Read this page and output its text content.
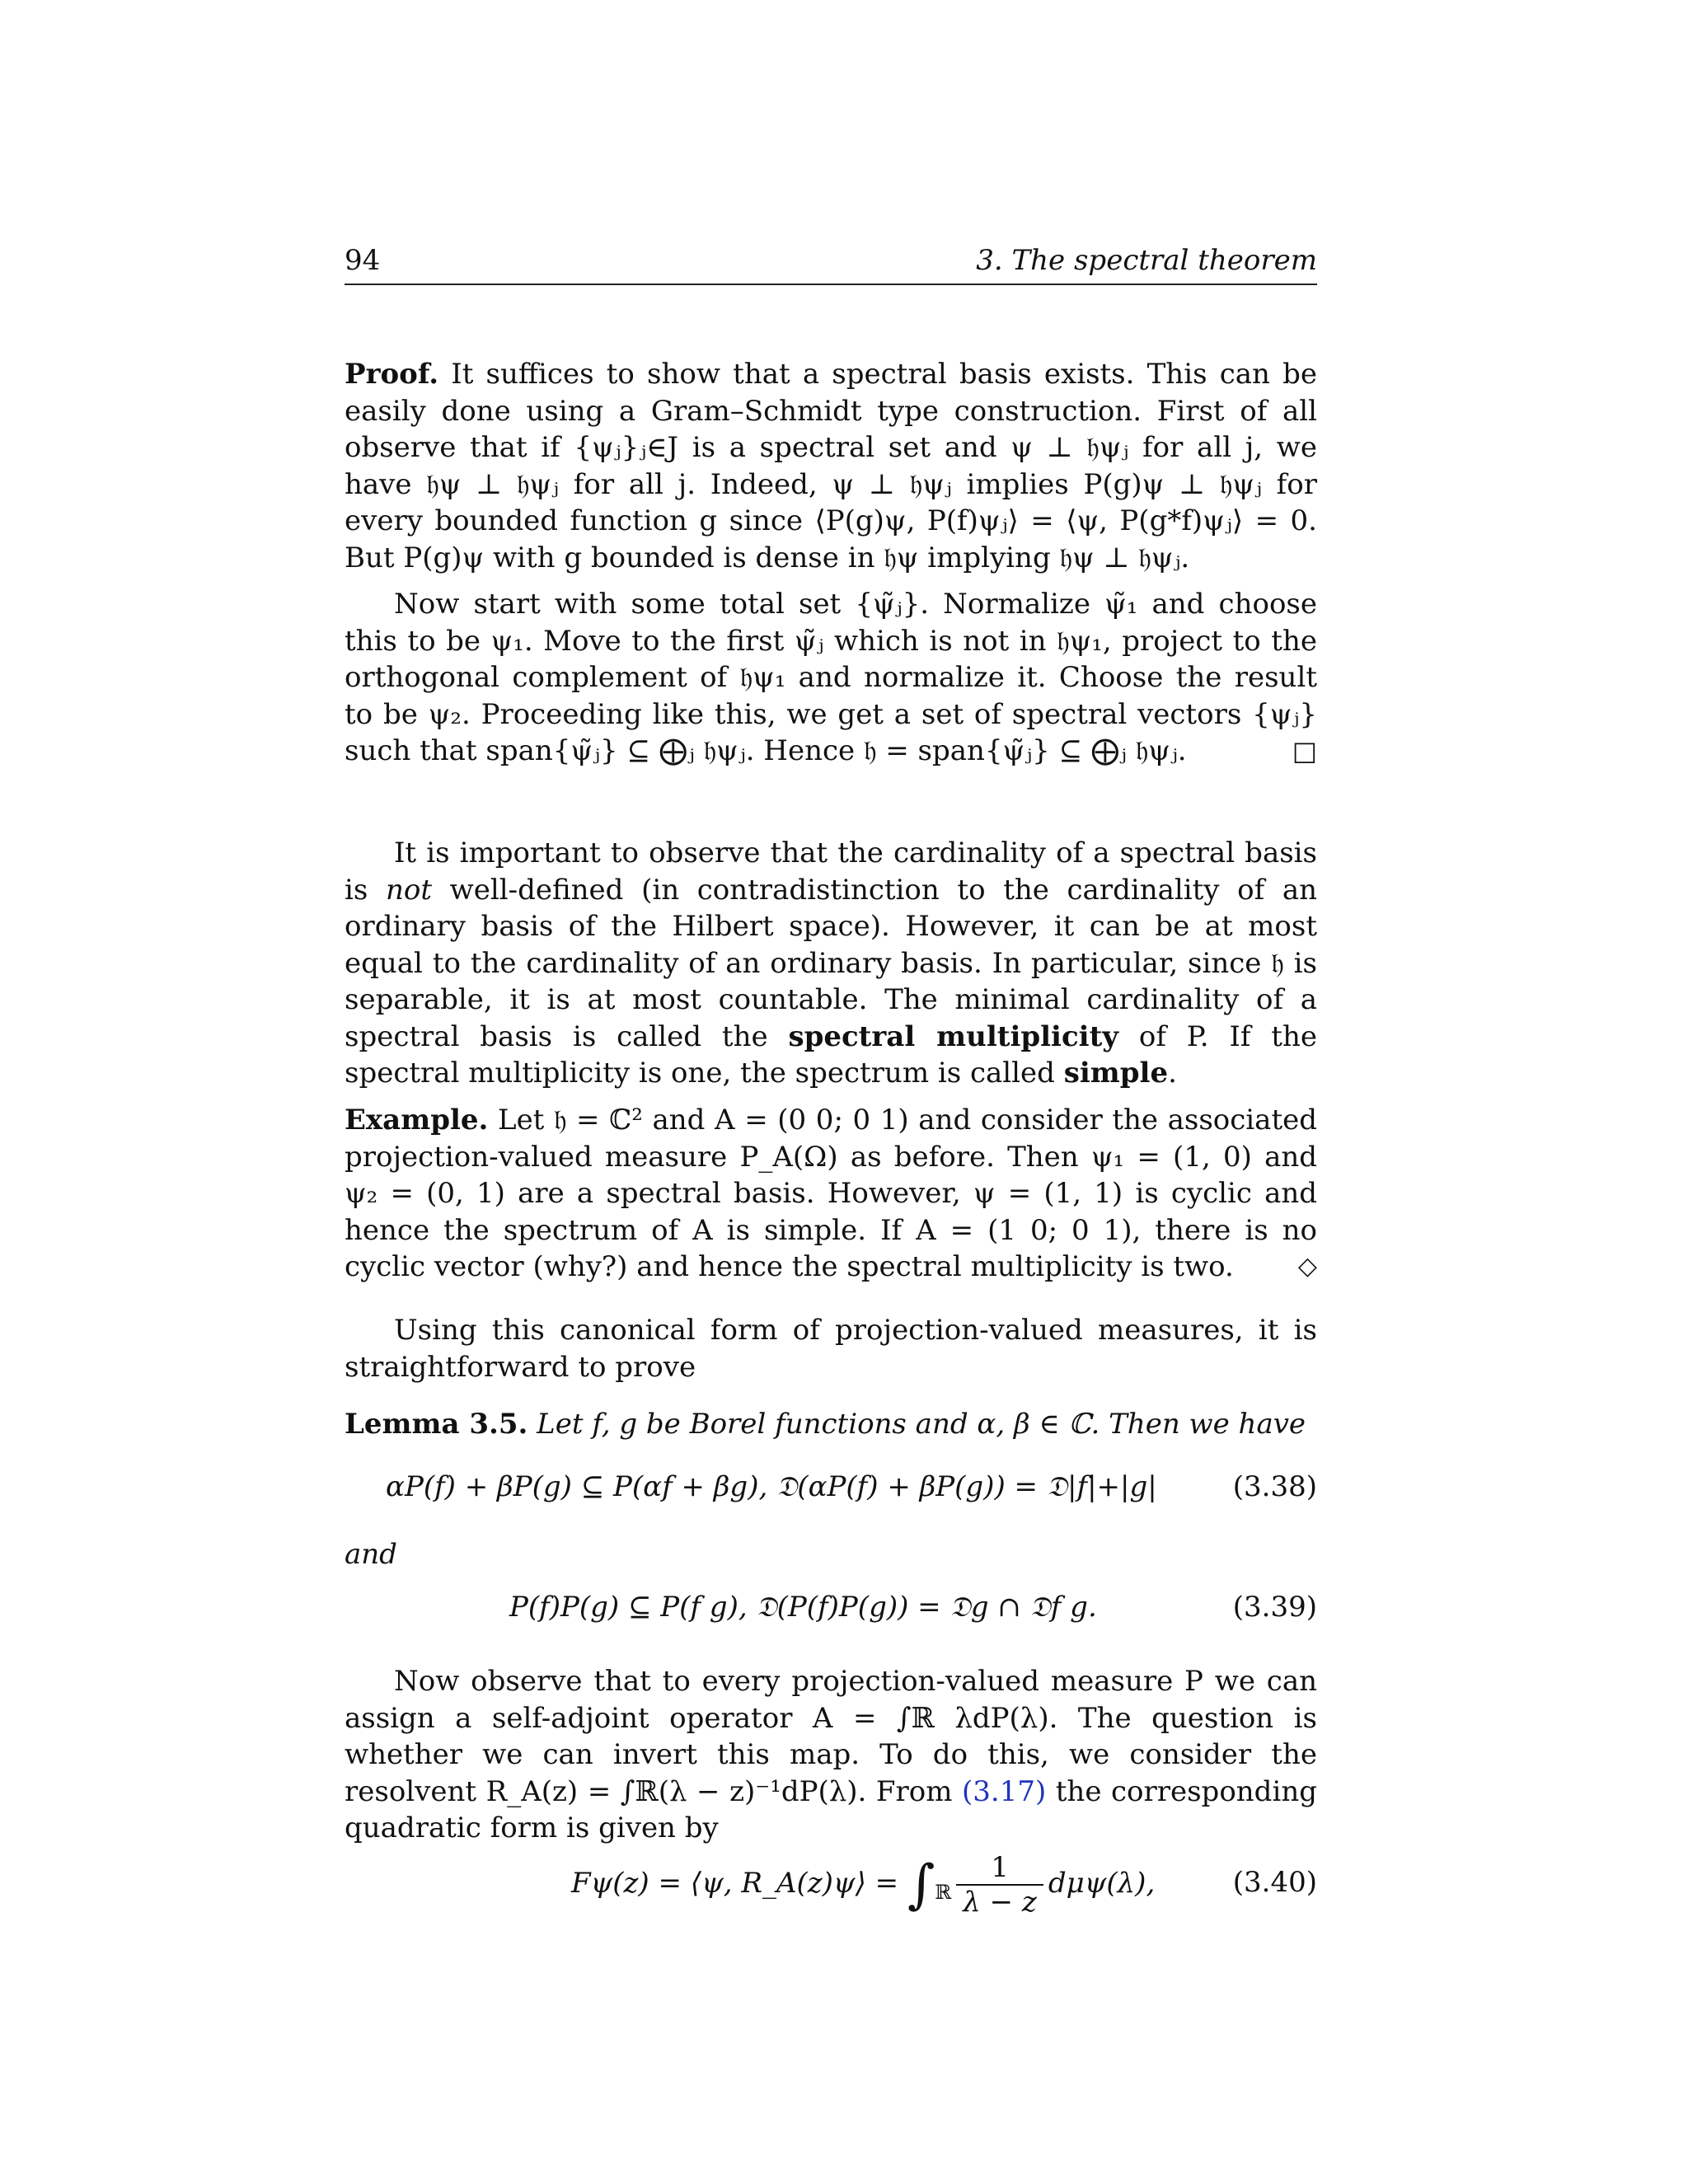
94	3. The spectral theorem

Proof. It suffices to show that a spectral basis exists. This can be easily done using a Gram–Schmidt type construction. First of all observe that if {ψⱼ}ⱼ∈J is a spectral set and ψ ⊥ 𝔥ψⱼ for all j, we have 𝔥ψ ⊥ 𝔥ψⱼ for all j. Indeed, ψ ⊥ 𝔥ψⱼ implies P(g)ψ ⊥ 𝔥ψⱼ for every bounded function g since ⟨P(g)ψ, P(f)ψⱼ⟩ = ⟨ψ, P(g*f)ψⱼ⟩ = 0. But P(g)ψ with g bounded is dense in 𝔥ψ implying 𝔥ψ ⊥ 𝔥ψⱼ.

Now start with some total set {ψ̃ⱼ}. Normalize ψ̃₁ and choose this to be ψ₁. Move to the first ψ̃ⱼ which is not in 𝔥ψ₁, project to the orthogonal complement of 𝔥ψ₁ and normalize it. Choose the result to be ψ₂. Proceeding like this, we get a set of spectral vectors {ψⱼ} such that span{ψ̃ⱼ} ⊆ ⨁ⱼ 𝔥ψⱼ. Hence 𝔥 = span{ψ̃ⱼ} ⊆ ⨁ⱼ 𝔥ψⱼ.	□

It is important to observe that the cardinality of a spectral basis is not well-defined (in contradistinction to the cardinality of an ordinary basis of the Hilbert space). However, it can be at most equal to the cardinality of an ordinary basis. In particular, since 𝔥 is separable, it is at most countable. The minimal cardinality of a spectral basis is called the spectral multiplicity of P. If the spectral multiplicity is one, the spectrum is called simple.

Example. Let 𝔥 = ℂ² and A = (0 0; 0 1) and consider the associated projection-valued measure P_A(Ω) as before. Then ψ₁ = (1, 0) and ψ₂ = (0, 1) are a spectral basis. However, ψ = (1, 1) is cyclic and hence the spectrum of A is simple. If A = (1 0; 0 1), there is no cyclic vector (why?) and hence the spectral multiplicity is two.	◇

Using this canonical form of projection-valued measures, it is straightforward to prove

Lemma 3.5. Let f, g be Borel functions and α, β ∈ ℂ. Then we have

αP(f) + βP(g) ⊆ P(αf + βg), 𝔇(αP(f) + βP(g)) = 𝔇|f|+|g|	(3.38)
and
P(f)P(g) ⊆ P(f g), 𝔇(P(f)P(g)) = 𝔇g ∩ 𝔇f g.	(3.39)

Now observe that to every projection-valued measure P we can assign a self-adjoint operator A = ∫ℝ λdP(λ). The question is whether we can invert this map. To do this, we consider the resolvent R_A(z) = ∫ℝ(λ − z)⁻¹dP(λ). From (3.17) the corresponding quadratic form is given by

Fψ(z) = ⟨ψ, R_A(z)ψ⟩ = $\int_ℝ \frac{1}{\lambda - z} d\mu\psi(\lambda)$,	(3.40)
